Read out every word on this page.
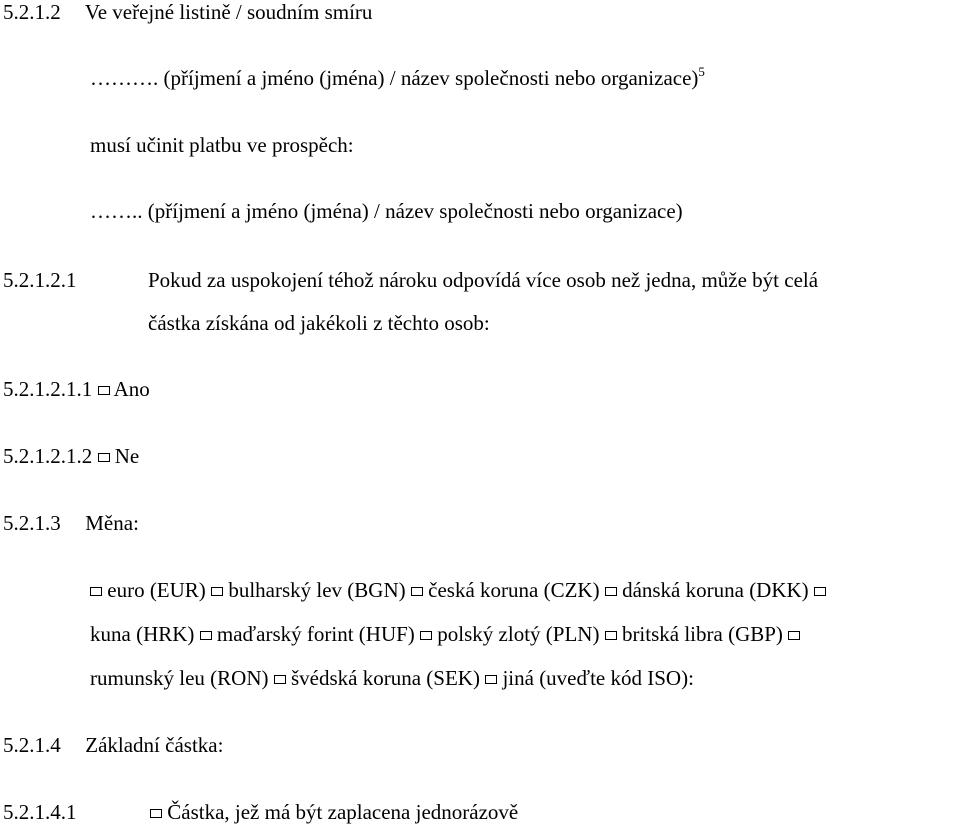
5.2.1.2 Ve veřejné listině / soudním smíru
………. (příjmení a jméno (jména) / název společnosti nebo organizace)$^5$
musí učinit platbu ve prospěch:
…….. (příjmení a jméno (jména) / název společnosti nebo organizace)
5.2.1.2.1	Pokud za uspokojení téhož nároku odpovídá více osob než jedna, může být celá
částka získána od jakékoli z těchto osob:
5.2.1.2.1.1 Ano
5.2.1.2.1.2 Ne
5.2.1.3 Měna:
euro (EUR) bulharský lev (BGN) česká koruna (CZK) dánská koruna (DKK)
kuna (HRK) maďarský forint (HUF) polský zlotý (PLN) britská libra (GBP)
rumunský leu (RON) švédská koruna (SEK) jiná (uveďte kód ISO):
5.2.1.4 Základní částka:
5.2.1.4.1	Částka, jež má být zaplacena jednorázově
